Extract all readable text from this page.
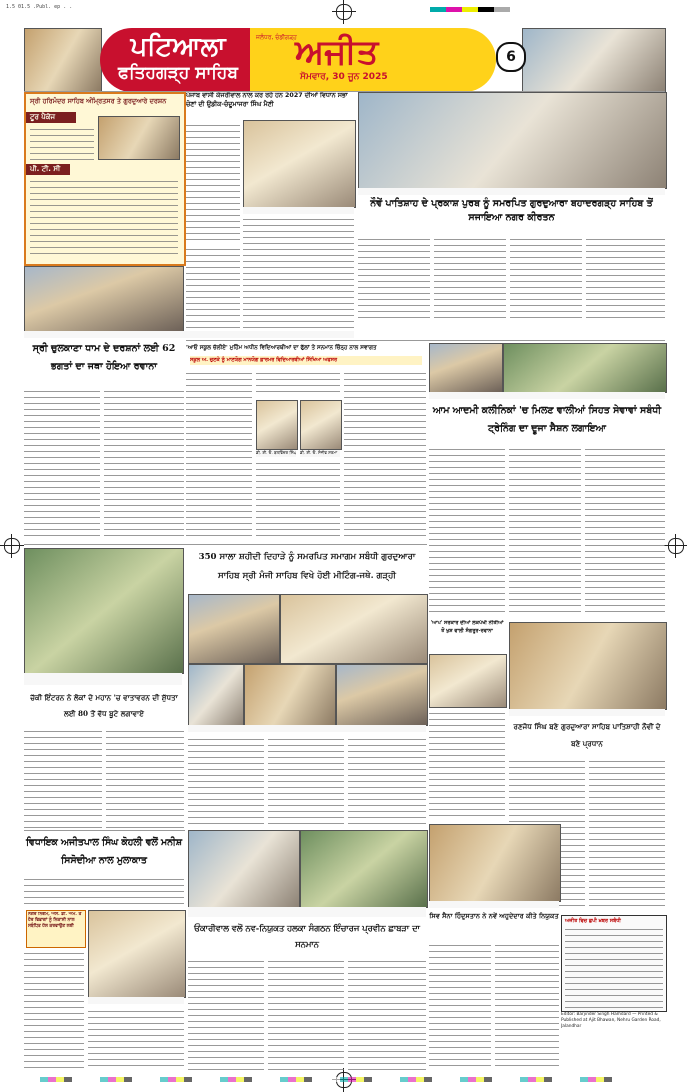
1.5 01.5 .Publ. ep . .
ਪਟਿਆਲਾ
ਫਤਿਹਗੜ੍ਹ ਸਾਹਿਬ
ਜਲੰਧਰ, ਚੰਡੀਗੜ੍ਹ
ਅਜੀਤ
ਸੋਮਵਾਰ, 30 ਜੂਨ 2025
6
ਸ੍ਰੀ ਹਰਿਮੰਦਰ ਸਾਹਿਬ ਅੰਮ੍ਰਿਤਸਰ ਤੇ ਗੁਰਦੁਆਰੇ ਦਰਸ਼ਨ
ਟੂਰ ਪੈਕੇਜ
ਪੀ. ਟੀ. ਸੀ
ਪੰਜਾਬ ਵਾਸੀ ਕੇਜਰੀਵਾਲ ਨਾਲ ਕਰ ਰਹੇ ਹਨ 2027 ਦੀਆਂ ਵਿਧਾਨ ਸਭਾ ਚੋਣਾਂ ਦੀ ਉਡੀਕ-ਚੰਦੂਮਾਜਰਾ ਸਿੰਘ ਮੈਣੀ
ਨੌਵੇਂ ਪਾਤਿਸ਼ਾਹ ਦੇ ਪ੍ਰਕਾਸ਼ ਪੁਰਬ ਨੂੰ ਸਮਰਪਿਤ ਗੁਰਦੁਆਰਾ ਬਹਾਦਰਗੜ੍ਹ ਸਾਹਿਬ ਤੋਂ ਸਜਾਇਆ ਨਗਰ ਕੀਰਤਨ
ਸ੍ਰੀ ਚੁਲਕਾਣਾ ਧਾਮ ਦੇ ਦਰਸ਼ਨਾਂ ਲਈ 62 ਭਗਤਾਂ ਦਾ ਜਥਾ ਹੋਇਆ ਰਵਾਨਾ
'ਆਓ ਸਕੂਲ ਚੱਲੀਏ' ਮੁਹਿੰਮ ਅਧੀਨ ਵਿਦਿਆਰਥੀਆਂ ਦਾ ਫੁੱਲਾਂ ਤੇ ਸਨਮਾਨ ਚਿੰਨ੍ਹ ਨਾਲ ਸਵਾਗਤ
ਸਕੂਲ ਅ. ਚੁਣਕੇ ਨੂੰ ਮਾਣਯੋਗ ਮਾਨਯੋਗ ਫ਼ਾਰਮਰ ਵਿਦਿਆਰਥੀਆਂ ਸਿੱਖਿਆ ਅਫਸਰ
ਡੀ. ਈ. ਓ. ਬਲਵਿੰਦਰ ਸਿੰਘ ਡੀ. ਈ. ਓ. ਸੰਜੀਵ ਸ਼ਰਮਾ
ਆਮ ਆਦਮੀ ਕਲੀਨਿਕਾਂ 'ਚ ਮਿਲਣ ਵਾਲੀਆਂ ਸਿਹਤ ਸੇਵਾਵਾਂ ਸਬੰਧੀ ਟ੍ਰੇਨਿੰਗ ਦਾ ਦੂਜਾ ਸੈਸ਼ਨ ਲਗਾਇਆ
ਚੱਕੀ ਇੰਟਰਨ ਨੇ ਲੋਕਾਂ ਦੇ ਮਹਾਨ 'ਚ ਵਾਤਾਵਰਨ ਦੀ ਸ਼ੁੱਧਤਾ ਲਈ 80 ਤੋਂ ਵੱਧ ਬੂਟੇ ਲਗਾਵਾਏ
350 ਸਾਲਾ ਸ਼ਹੀਦੀ ਦਿਹਾੜੇ ਨੂੰ ਸਮਰਪਿਤ ਸਮਾਗਮ ਸਬੰਧੀ ਗੁਰਦੁਆਰਾ ਸਾਹਿਬ ਸ੍ਰੀ ਮੰਜੀ ਸਾਹਿਬ ਵਿਖੇ ਹੋਈ ਮੀਟਿੰਗ-ਜਥੇ. ਗੜ੍ਹੀ
'ਆਪ' ਸਰਕਾਰ ਦੀਆਂ ਲੋਕਪੱਖੀ ਨੀਤੀਆਂ ਤੋਂ ਖੁਸ਼ ਵਾਲੀ ਸੰਗਰੂਰ-ਰਵਾਨਾ
ਰਣਜੋਧ ਸਿੰਘ ਬਣੇ ਗੁਰਦੁਆਰਾ ਸਾਹਿਬ ਪਾਤਿਸ਼ਾਹੀ ਨੌਵੀਂ ਦੇ ਬਣੇ ਪ੍ਰਧਾਨ
ਵਿਧਾਇਕ ਅਜੀਤਪਾਲ ਸਿੰਘ ਕੋਹਲੀ ਵਲੋਂ ਮਨੀਸ਼ ਸਿਸੋਦੀਆ ਨਾਲ ਮੁਲਾਕਾਤ
ਨਗਰ ਨਿਗਮ, ਐੱਸ. ਡੀ. ਐੱਮ. ਤੇ ਹੋਰ ਵਿਭਾਗਾਂ ਨੂੰ ਨਿਕਾਸੀ ਨਾਲ ਸਬੰਧਿਤ ਹੱਲ ਕਰਵਾਉਣ ਲਈ	ਓਂਕਾਰੀਵਾਲ ਵਲੋਂ ਨਵ-ਨਿਯੁਕਤ ਹਲਕਾ ਸੰਗਠਨ ਇੰਚਾਰਜ ਪ੍ਰਵੀਨ ਛਾਬੜਾ ਦਾ ਸਨਮਾਨ
ਸਿਵ ਸੈਨਾ ਹਿੰਦੁਸਤਾਨ ਨੇ ਨਵੇਂ ਅਹੁਦੇਦਾਰ ਕੀਤੇ ਨਿਯੁਕਤ
ਅਜੀਤ ਵਿਚ ਛਪੀ ਖ਼ਬਰ ਸਬੰਧੀ
Editor: Barjinder Singh Hamdard — Printed & Published at Ajit Bhawan, Nehru Garden Road, Jalandhar
